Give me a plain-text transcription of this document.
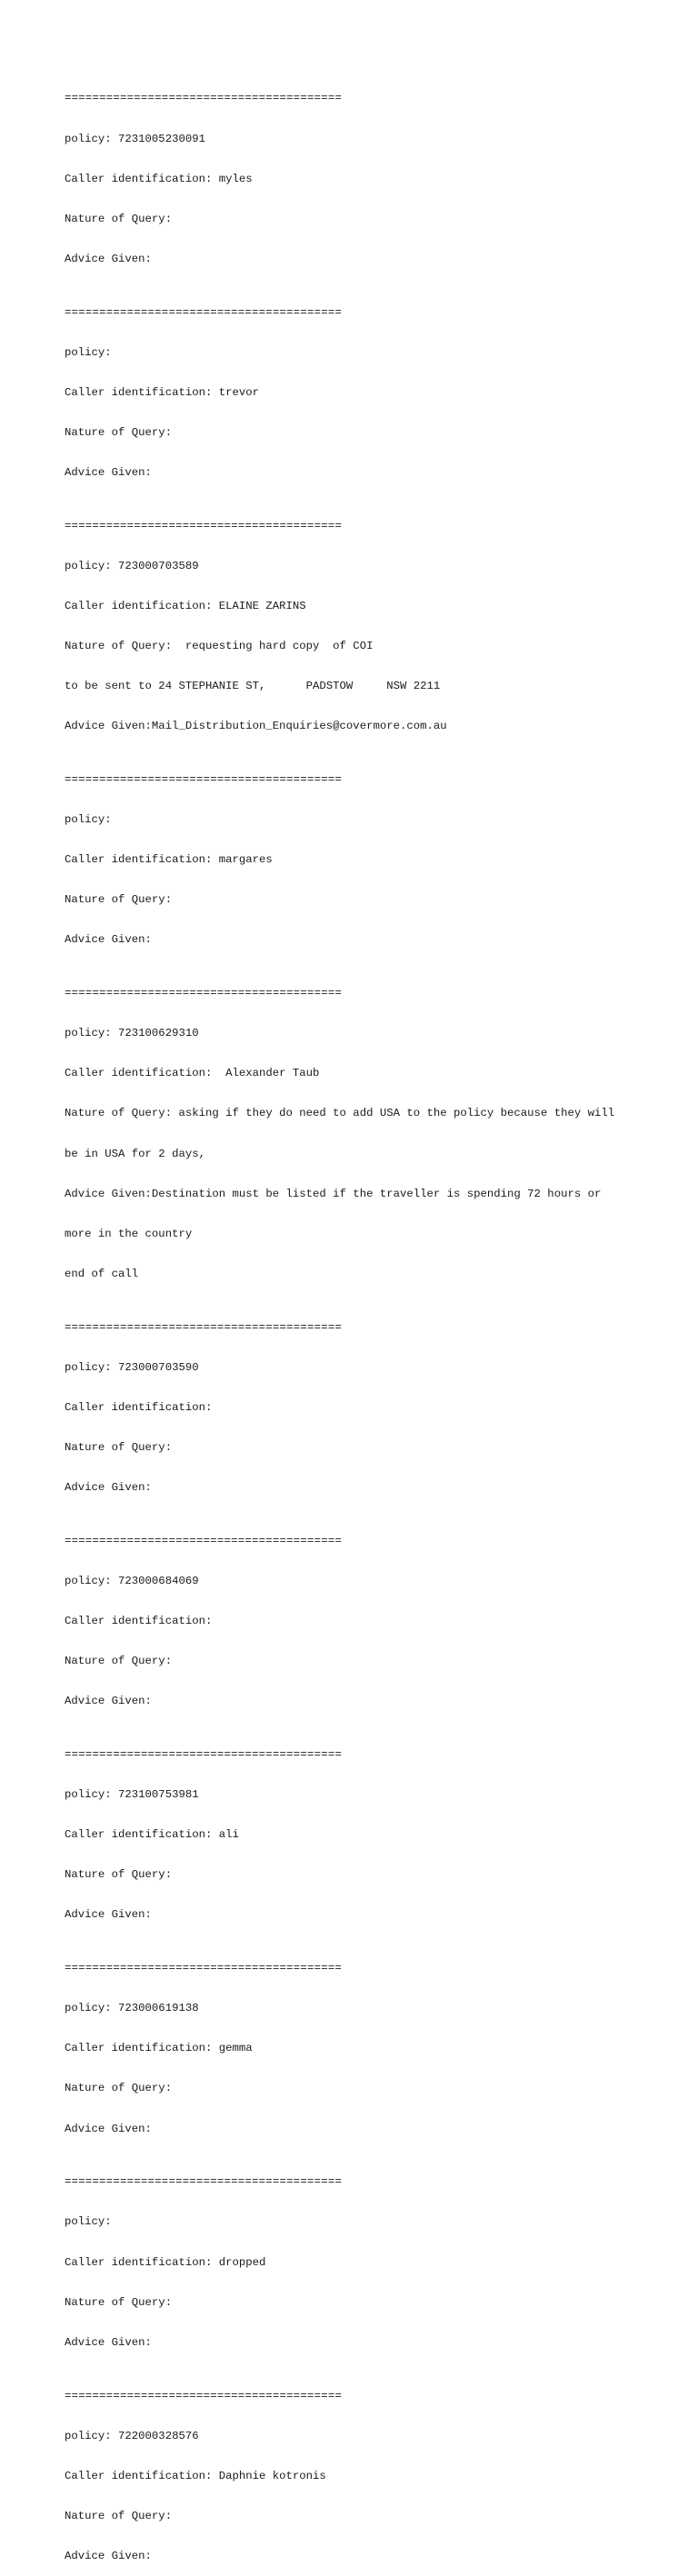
========================================

policy: 7231005230091

Caller identification: myles

Nature of Query:

Advice Given:

========================================

policy:

Caller identification: trevor

Nature of Query:

Advice Given:

========================================

policy: 723000703589

Caller identification: ELAINE ZARINS

Nature of Query:  requesting hard copy  of COI

to be sent to 24 STEPHANIE ST,      PADSTOW     NSW 2211

Advice Given:Mail_Distribution_Enquiries@covermore.com.au

========================================

policy:

Caller identification: margares

Nature of Query:

Advice Given:

========================================

policy: 723100629310

Caller identification:  Alexander Taub

Nature of Query: asking if they do need to add USA to the policy because they will

be in USA for 2 days,

Advice Given:Destination must be listed if the traveller is spending 72 hours or

more in the country

end of call

========================================

policy: 723000703590

Caller identification:

Nature of Query:

Advice Given:

========================================

policy: 723000684069

Caller identification:

Nature of Query:

Advice Given:

========================================

policy: 723100753981

Caller identification: ali

Nature of Query:

Advice Given:

========================================

policy: 723000619138

Caller identification: gemma

Nature of Query:

Advice Given:

========================================

policy:

Caller identification: dropped

Nature of Query:

Advice Given:

========================================

policy: 722000328576

Caller identification: Daphnie kotronis

Nature of Query:

Advice Given:
